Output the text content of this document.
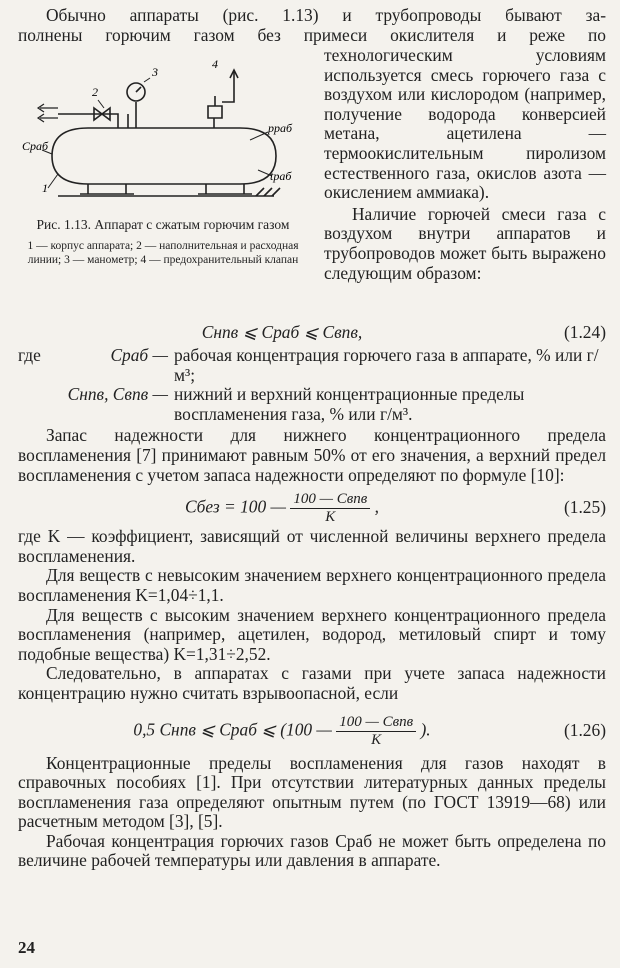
Обычно аппараты (рис. 1.13) и трубопроводы бывают за-

полнены горючим газом без примеси окислителя и реже по

2
3
4
pраб
tраб
Сраб
1
Рис. 1.13. Аппарат с сжатым горючим газом
1 — корпус аппарата; 2 — наполнительная и расходная линии; 3 — манометр; 4 — предохранительный клапан

технологическим условиям используется смесь горючего газа с воздухом или кислородом (например, получение водорода конверсией метана, ацетилена — термоокислительным пиролизом естественного газа, окислов азота — окислением аммиака).

Наличие горючей смеси газа с воздухом внутри аппаратов и трубопроводов может быть выражено следующим образом:

Cнпв ⩽ Cраб ⩽ Cвпв,	(1.24)
где	Cраб — рабочая концентрация горючего газа в аппарате, % или г/м³;
Cнпв, Cвпв — нижний и верхний концентрационные пределы воспламенения газа, % или г/м³.

Запас надежности для нижнего концентрационного предела воспламенения [7] принимают равным 50% от его значения, а верхний предел воспламенения с учетом запаса надежности определяют по формуле [10]:

Cбез = 100 — $\frac{\text{100 — Cвпв}}{K}$ ,	(1.25)

где K — коэффициент, зависящий от численной величины верхнего предела воспламенения.

Для веществ с невысоким значением верхнего концентрационного предела воспламенения K=1,04÷1,1.

Для веществ с высоким значением верхнего концентрационного предела воспламенения (например, ацетилен, водород, метиловый спирт и тому подобные вещества) K=1,31÷2,52.

Следовательно, в аппаратах с газами при учете запаса надежности концентрацию нужно считать взрывоопасной, если

0,5 Cнпв ⩽ Cраб ⩽ (100 — $\frac{\text{100 — Cвпв}}{K}$ ).	(1.26)

Концентрационные пределы воспламенения для газов находят в справочных пособиях [1]. При отсутствии литературных данных пределы воспламенения газа определяют опытным путем (по ГОСТ 13919—68) или расчетным методом [3], [5].

Рабочая концентрация горючих газов Cраб не может быть определена по величине рабочей температуры или давления в аппарате.

24
